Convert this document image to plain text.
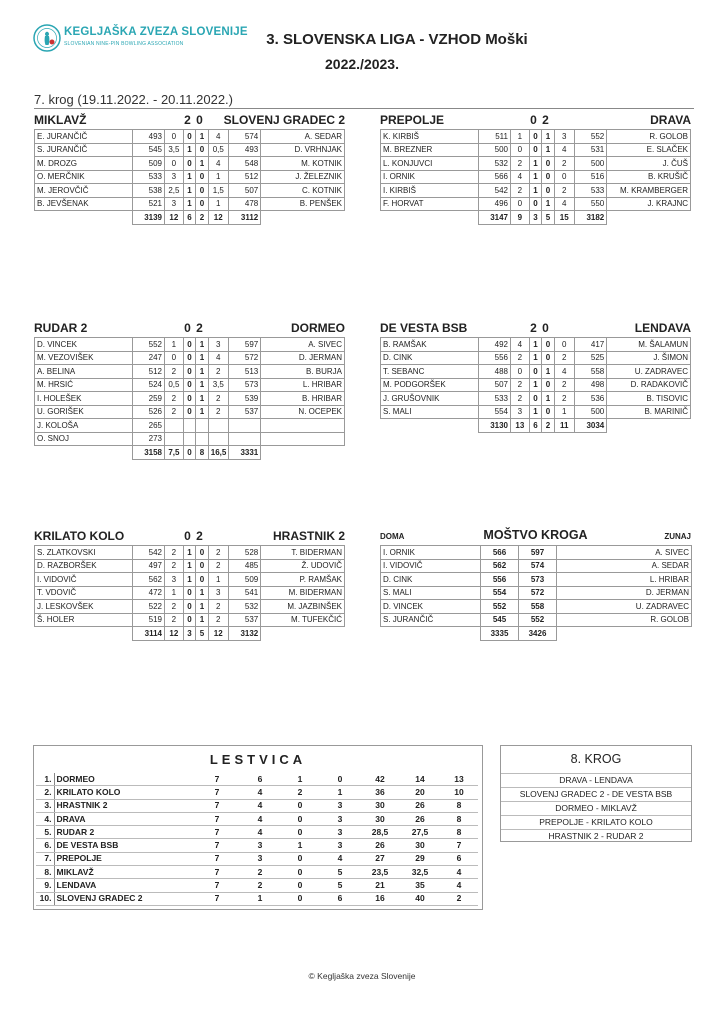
KEGLJAŠKA ZVEZA SLOVENIJE
SLOVENIAN NINE-PIN BOWLING ASSOCIATION	3. SLOVENSKA LIGA - VZHOD Moški
2022./2023.
7. krog (19.11.2022. - 20.11.2022.)
MIKLAVŽ	2 0	SLOVENJ GRADEC 2
E. JURANČIČ	493	0	0	1	4	574	A. SEDAR
S. JURANČIČ	545	3,5	1	0	0,5	493	D. VRHNJAK
M. DROZG	509	0	0	1	4	548	M. KOTNIK
O. MERČNIK	533	3	1	0	1	512	J. ŽELEZNIK
M. JEROVČIČ	538	2,5	1	0	1,5	507	C. KOTNIK
B. JEVŠENAK	521	3	1	0	1	478	B. PENŠEK
	3139	12	6	2	12	3112	
PREPOLJE	0 2	DRAVA
K. KIRBIŠ	511	1	0	1	3	552	R. GOLOB
M. BREZNER	500	0	0	1	4	531	E. SLAČEK
L. KONJUVCI	532	2	1	0	2	500	J. ČUŠ
I. ORNIK	566	4	1	0	0	516	B. KRUŠIČ
I. KIRBIŠ	542	2	1	0	2	533	M. KRAMBERGER
F. HORVAT	496	0	0	1	4	550	J. KRAJNC
	3147	9	3	5	15	3182	
RUDAR 2	0 2	DORMEO
D. VINCEK	552	1	0	1	3	597	A. SIVEC
M. VEZOVIŠEK	247	0	0	1	4	572	D. JERMAN
A. BELINA	512	2	0	1	2	513	B. BURJA
M. HRSIĆ	524	0,5	0	1	3,5	573	L. HRIBAR
I. HOLEŠEK	259	2	0	1	2	539	B. HRIBAR
U. GORIŠEK	526	2	0	1	2	537	N. OCEPEK
J. KOLOŠA	265						
O. SNOJ	273						
	3158	7,5	0	8	16,5	3331	
DE VESTA BSB	2 0	LENDAVA
B. RAMŠAK	492	4	1	0	0	417	M. ŠALAMUN
D. CINK	556	2	1	0	2	525	J. ŠIMON
T. SEBANC	488	0	0	1	4	558	U. ZADRAVEC
M. PODGORŠEK	507	2	1	0	2	498	D. RADAKOVIČ
J. GRUŠOVNIK	533	2	0	1	2	536	B. TISOVIC
S. MALI	554	3	1	0	1	500	B. MARINIČ
	3130	13	6	2	11	3034	
KRILATO KOLO	0 2	HRASTNIK 2
S. ZLATKOVSKI	542	2	1	0	2	528	T. BIDERMAN
D. RAZBORŠEK	497	2	1	0	2	485	Ž. UDOVIČ
I. VIDOVIČ	562	3	1	0	1	509	P. RAMŠAK
T. VDOVIČ	472	1	0	1	3	541	M. BIDERMAN
J. LESKOVŠEK	522	2	0	1	2	532	M. JAZBINŠEK
Š. HOLER	519	2	0	1	2	537	M. TUFEKČIĆ
	3114	12	3	5	12	3132	
DOMA	MOŠTVO KROGA	ZUNAJ
I. ORNIK	566	597	A. SIVEC
I. VIDOVIČ	562	574	A. SEDAR
D. CINK	556	573	L. HRIBAR
S. MALI	554	572	D. JERMAN
D. VINCEK	552	558	U. ZADRAVEC
S. JURANČIČ	545	552	R. GOLOB
	3335	3426	
LESTVICA
1.	DORMEO	7	6	1	0	42	14	13
2.	KRILATO KOLO	7	4	2	1	36	20	10
3.	HRASTNIK 2	7	4	0	3	30	26	8
4.	DRAVA	7	4	0	3	30	26	8
5.	RUDAR 2	7	4	0	3	28,5	27,5	8
6.	DE VESTA BSB	7	3	1	3	26	30	7
7.	PREPOLJE	7	3	0	4	27	29	6
8.	MIKLAVŽ	7	2	0	5	23,5	32,5	4
9.	LENDAVA	7	2	0	5	21	35	4
10.	SLOVENJ GRADEC 2	7	1	0	6	16	40	2
8. KROG
DRAVA - LENDAVA
SLOVENJ GRADEC 2 - DE VESTA BSB
DORMEO - MIKLAVŽ
PREPOLJE - KRILATO KOLO
HRASTNIK 2 - RUDAR 2
© Kegljaška zveza Slovenije
